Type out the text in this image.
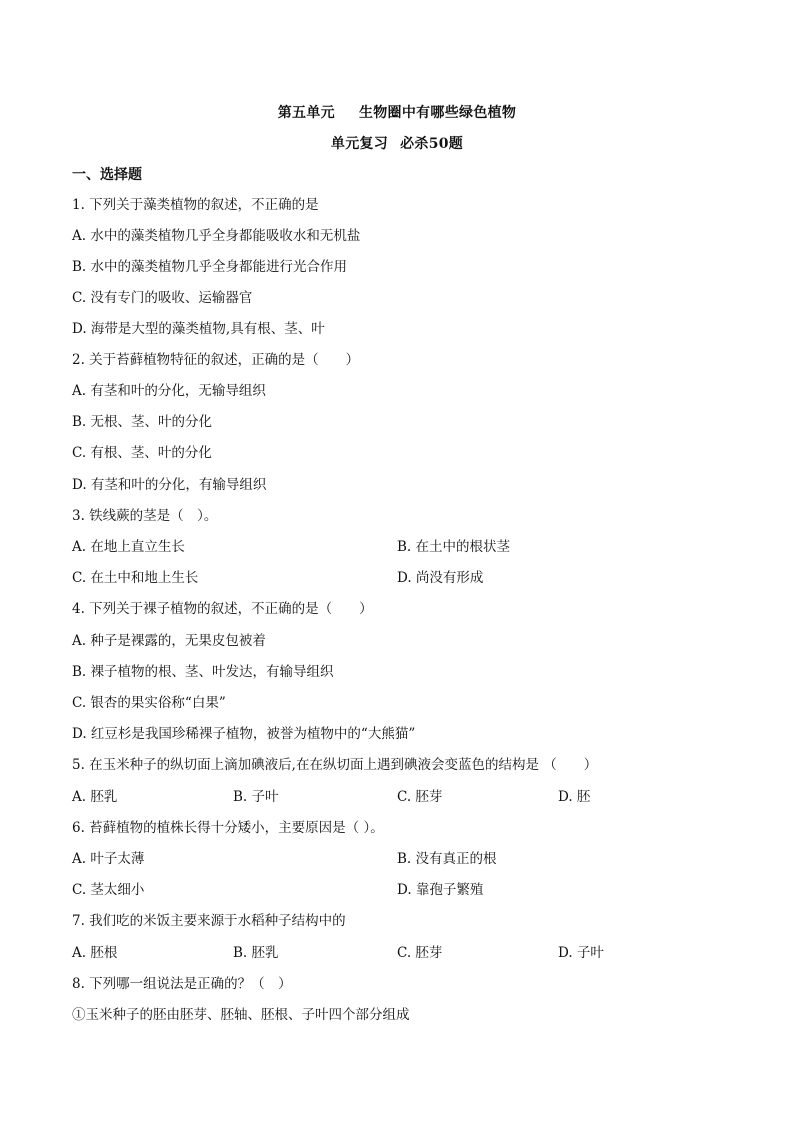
第五单元 生物圈中有哪些绿色植物
单元复习 必杀50题
一、选择题
1. 下列关于藻类植物的叙述，不正确的是
A. 水中的藻类植物几乎全身都能吸收水和无机盐
B. 水中的藻类植物几乎全身都能进行光合作用
C. 没有专门的吸收、运输器官
D. 海带是大型的藻类植物,具有根、茎、叶
2. 关于苔藓植物特征的叙述，正确的是（　　）
A. 有茎和叶的分化，无输导组织
B. 无根、茎、叶的分化
C. 有根、茎、叶的分化
D. 有茎和叶的分化，有输导组织
3. 铁线蕨的茎是（　）。
A. 在地上直立生长	B. 在土中的根状茎
C. 在土中和地上生长	D. 尚没有形成
4. 下列关于裸子植物的叙述，不正确的是（　　）
A. 种子是裸露的，无果皮包被着
B. 裸子植物的根、茎、叶发达，有输导组织
C. 银杏的果实俗称“白果”
D. 红豆杉是我国珍稀裸子植物，被誉为植物中的“大熊猫”
5. 在玉米种子的纵切面上滴加碘液后,在在纵切面上遇到碘液会变蓝色的结构是 （　　）
A. 胚乳	B. 子叶	C. 胚芽	D. 胚
6. 苔藓植物的植株长得十分矮小，主要原因是（ ）。
A. 叶子太薄	B. 没有真正的根
C. 茎太细小	D. 靠孢子繁殖
7. 我们吃的米饭主要来源于水稻种子结构中的
A. 胚根	B. 胚乳	C. 胚芽	D. 子叶
8. 下列哪一组说法是正确的？（　）
①玉米种子的胚由胚芽、胚轴、胚根、子叶四个部分组成
